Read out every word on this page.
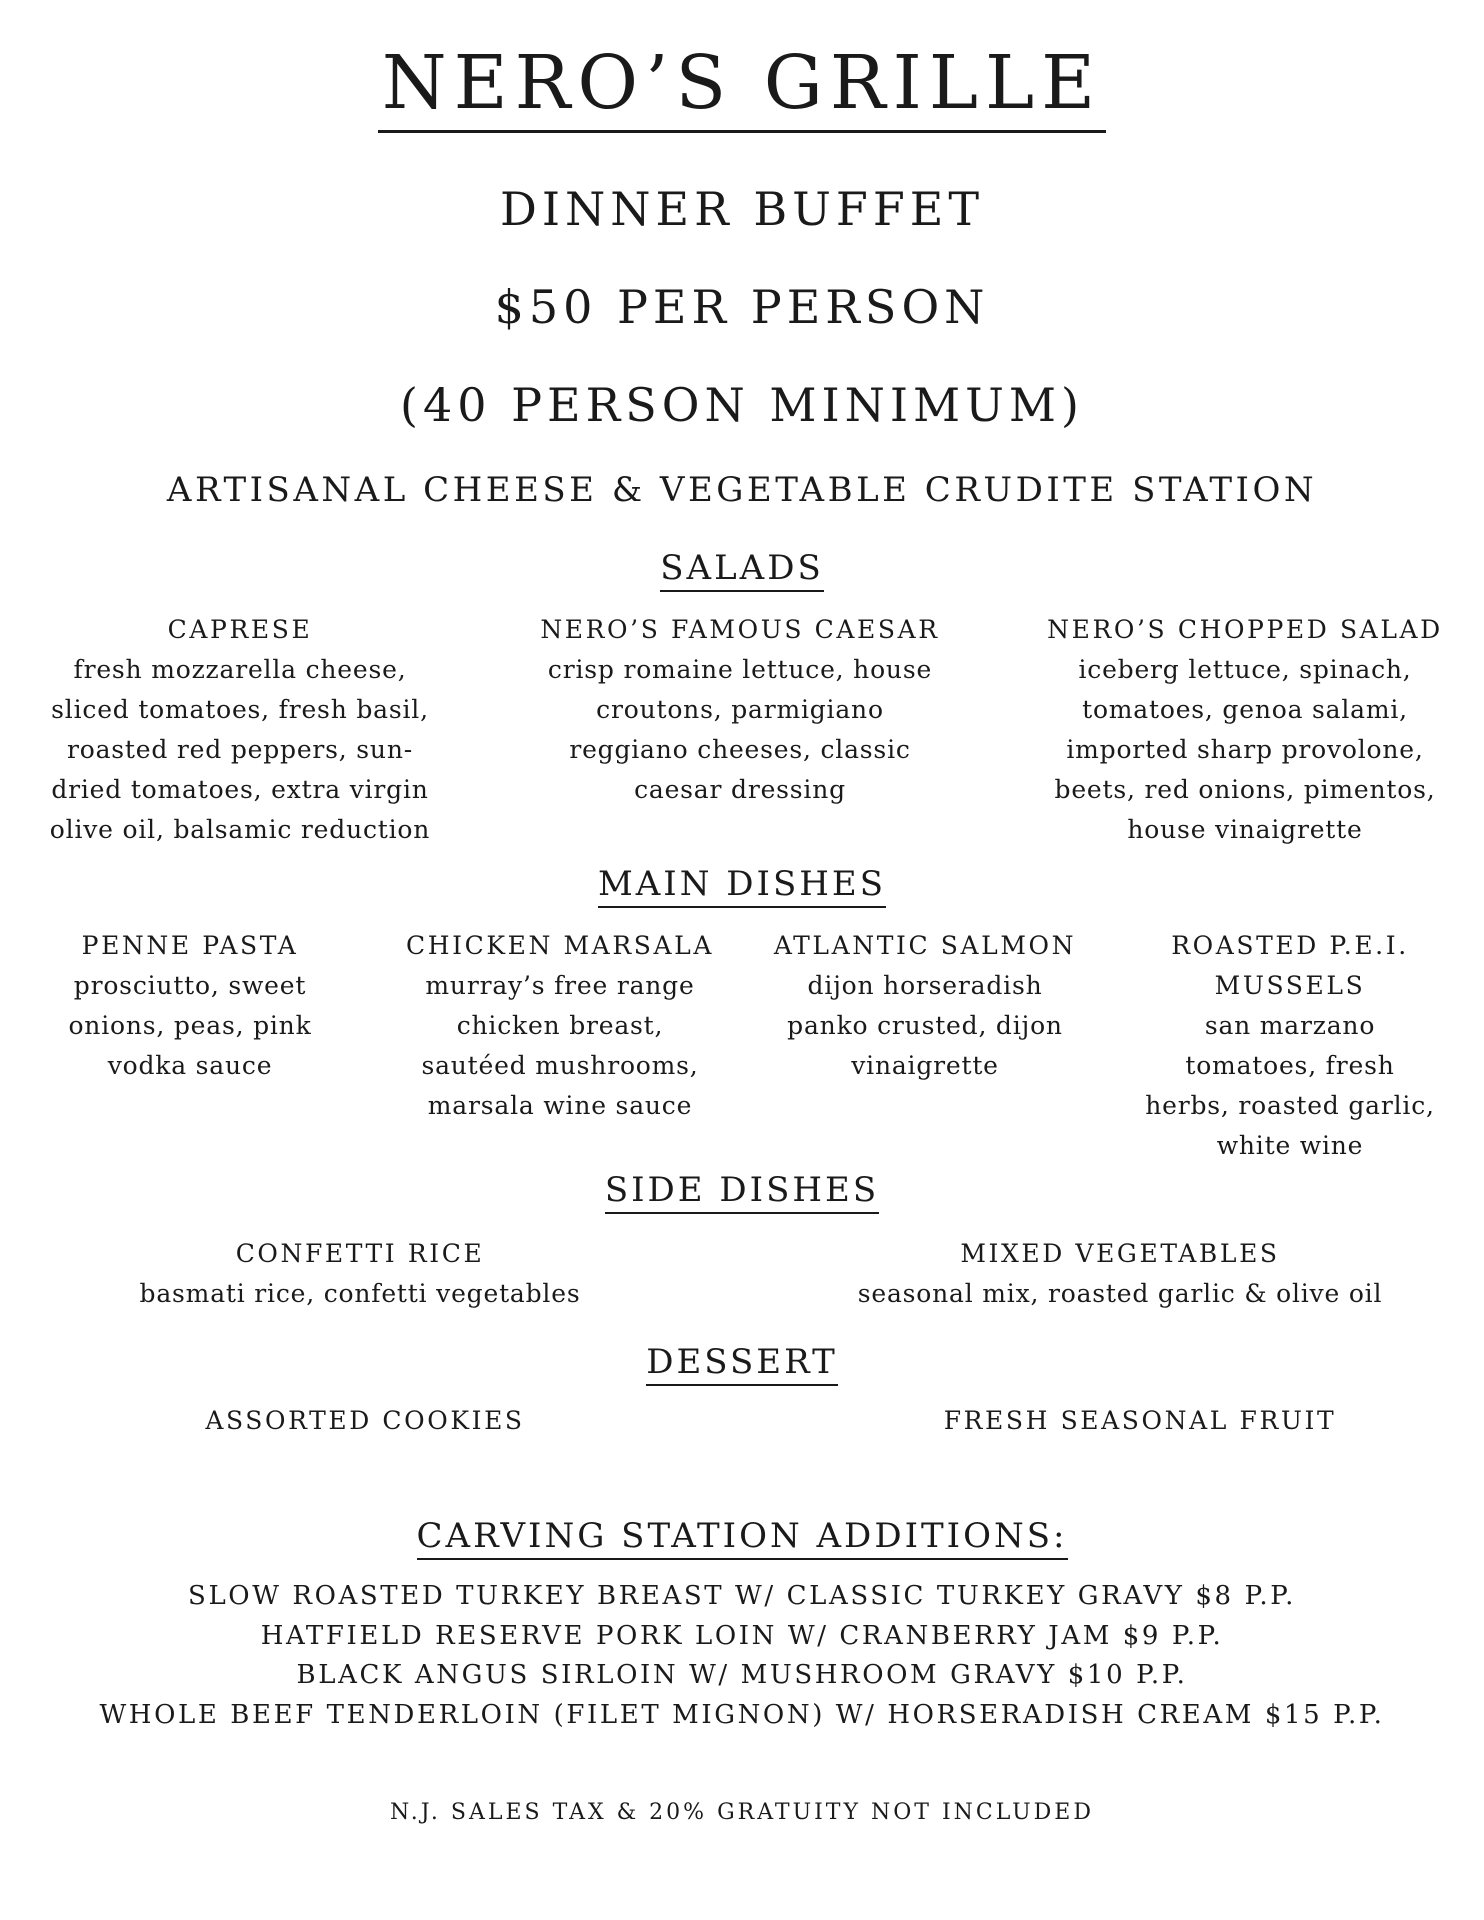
NERO’S GRILLE
DINNER BUFFET
$50 PER PERSON
(40 PERSON MINIMUM)
ARTISANAL CHEESE & VEGETABLE CRUDITE STATION
SALADS
CAPRESE
fresh mozzarella cheese,
sliced tomatoes, fresh basil,
roasted red peppers, sun-
dried tomatoes, extra virgin
olive oil, balsamic reduction
NERO’S FAMOUS CAESAR
crisp romaine lettuce, house
croutons, parmigiano
reggiano cheeses, classic
caesar dressing
NERO’S CHOPPED SALAD
iceberg lettuce, spinach,
tomatoes, genoa salami,
imported sharp provolone,
beets, red onions, pimentos,
house vinaigrette
MAIN DISHES
PENNE PASTA
prosciutto, sweet
onions, peas, pink
vodka sauce
CHICKEN MARSALA
murray’s free range
chicken breast,
sautéed mushrooms,
marsala wine sauce
ATLANTIC SALMON
dijon horseradish
panko crusted, dijon
vinaigrette
ROASTED P.E.I.
MUSSELS
san marzano
tomatoes, fresh
herbs, roasted garlic,
white wine
SIDE DISHES
CONFETTI RICE
basmati rice, confetti vegetables
MIXED VEGETABLES
seasonal mix, roasted garlic & olive oil
DESSERT
ASSORTED COOKIES	FRESH SEASONAL FRUIT
CARVING STATION ADDITIONS:
SLOW ROASTED TURKEY BREAST W/ CLASSIC TURKEY GRAVY $8 P.P.
HATFIELD RESERVE PORK LOIN W/ CRANBERRY JAM $9 P.P.
BLACK ANGUS SIRLOIN W/ MUSHROOM GRAVY $10 P.P.
WHOLE BEEF TENDERLOIN (FILET MIGNON) W/ HORSERADISH CREAM $15 P.P.
N.J. SALES TAX & 20% GRATUITY NOT INCLUDED
